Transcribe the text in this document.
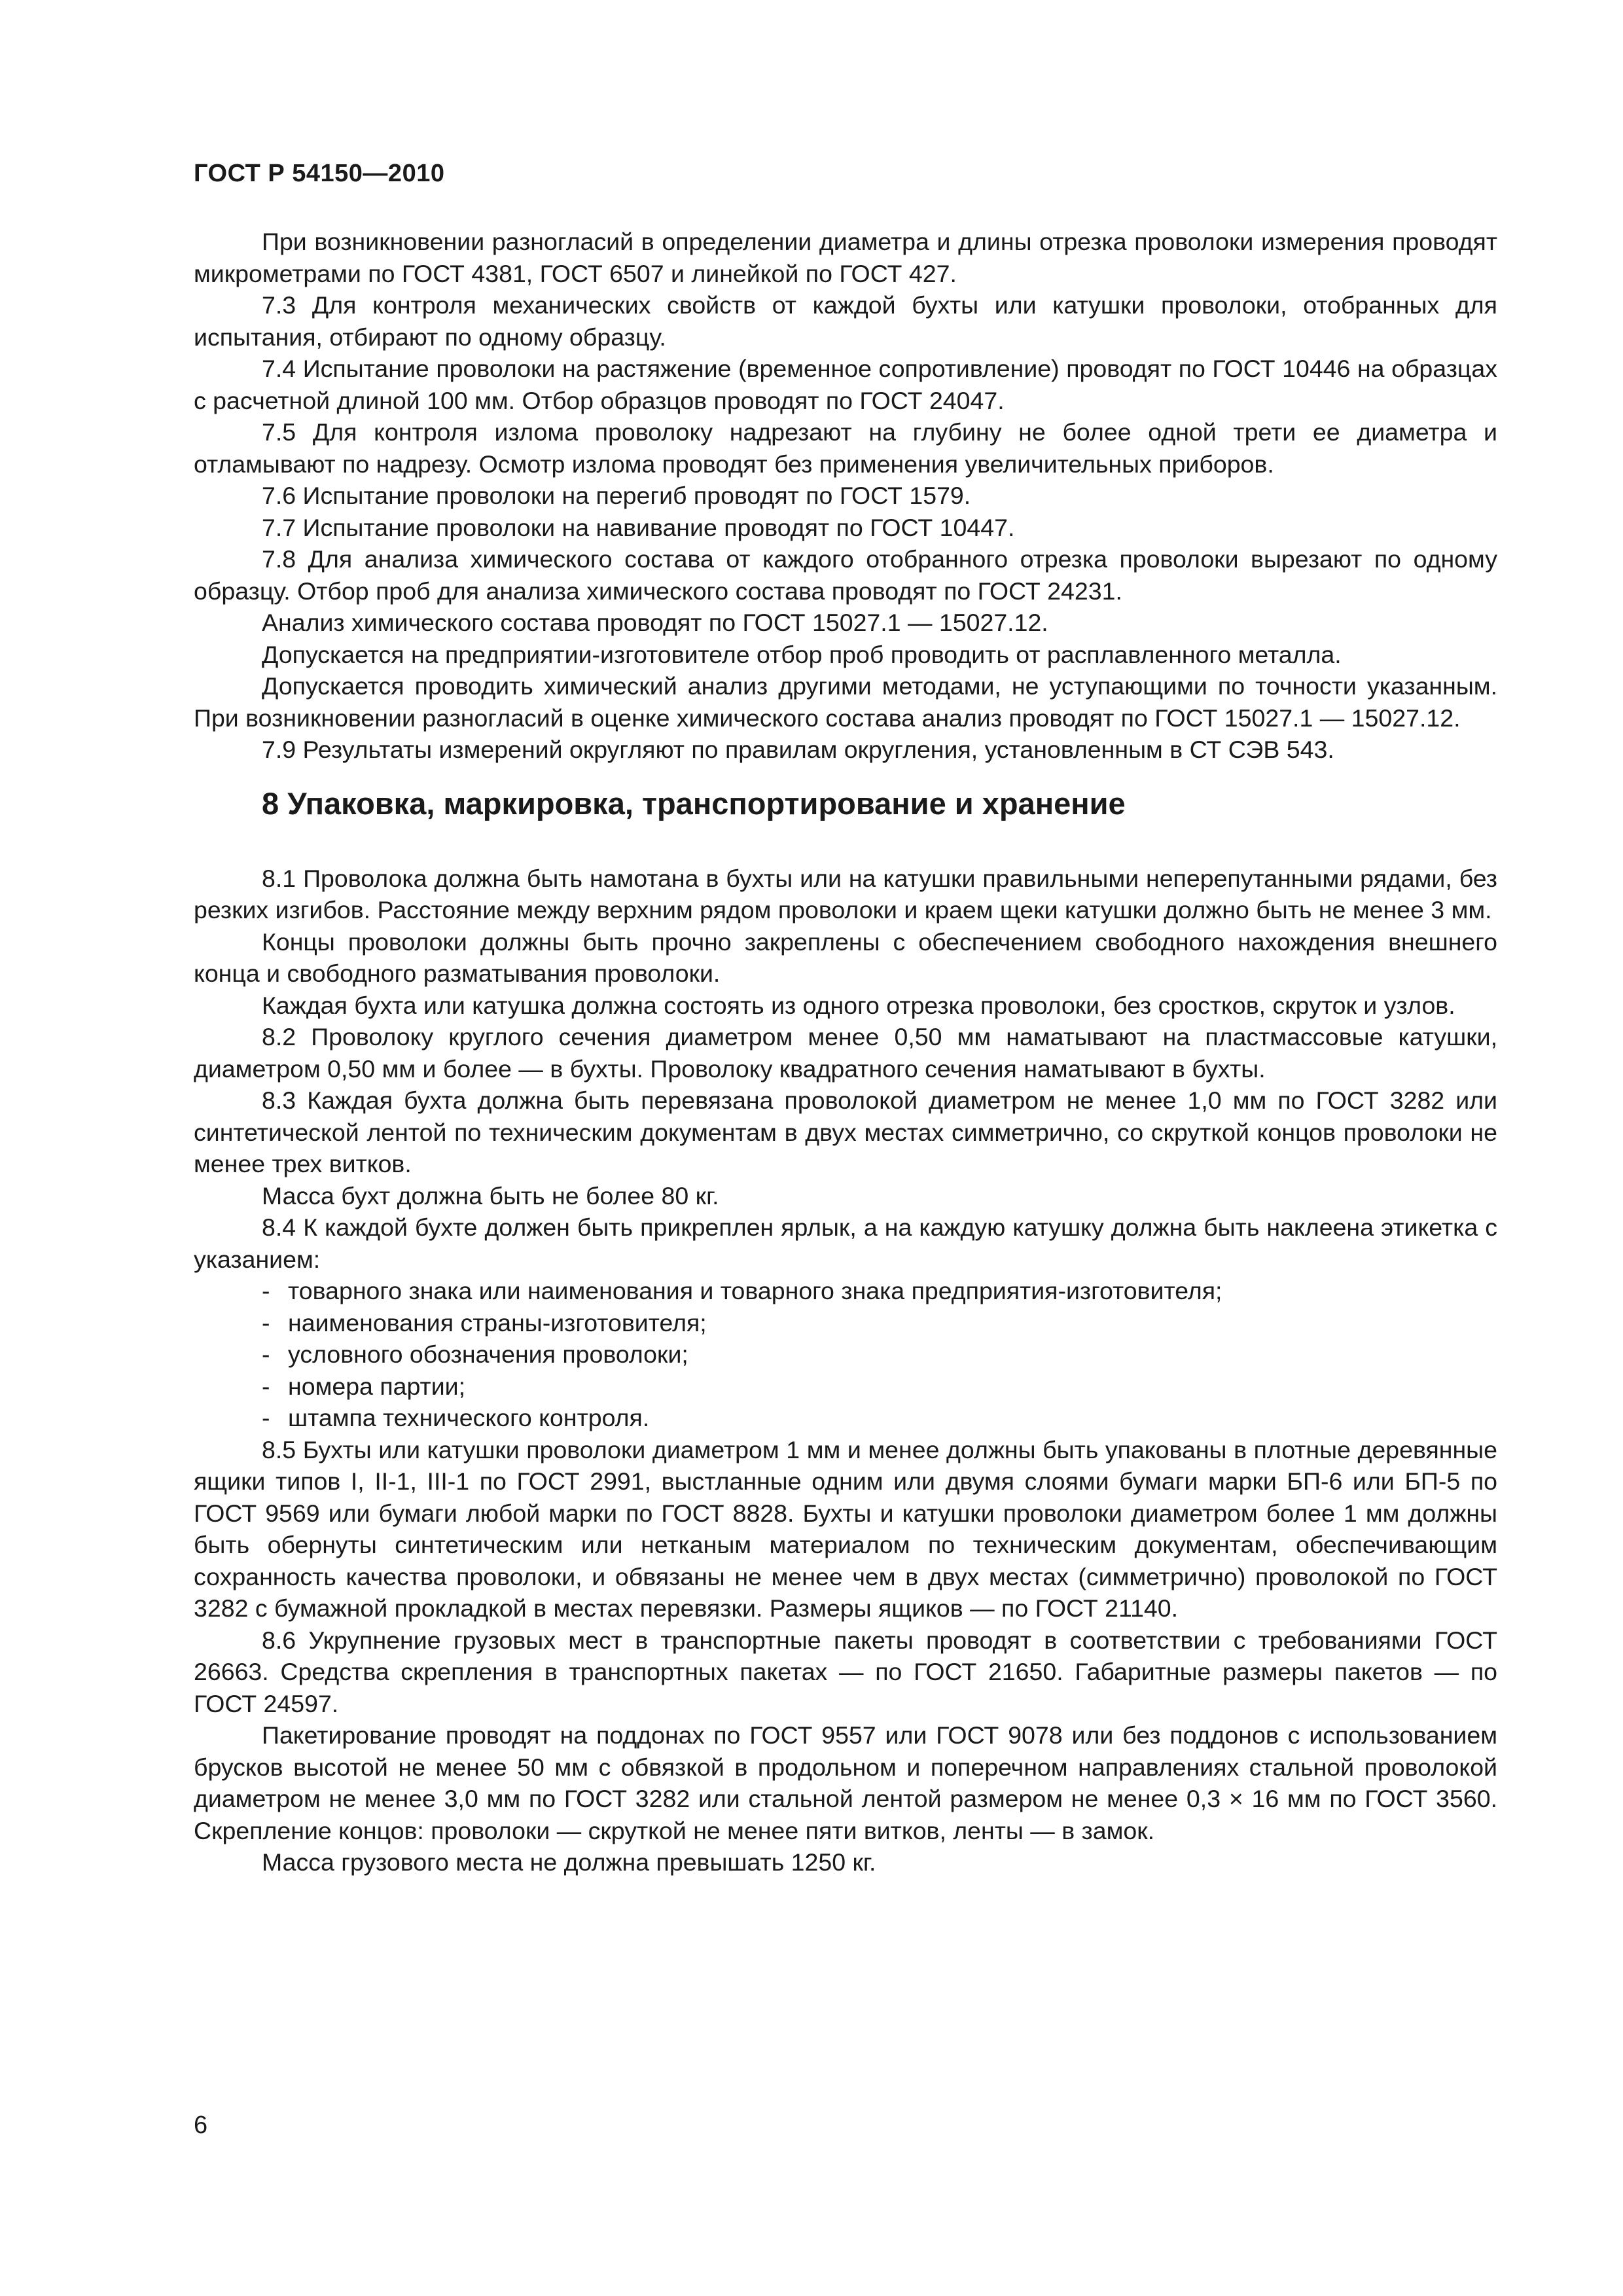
ГОСТ Р 54150—2010

При возникновении разногласий в определении диаметра и длины отрезка проволоки измерения проводят микрометрами по ГОСТ 4381, ГОСТ 6507 и линейкой по ГОСТ 427.

7.3 Для контроля механических свойств от каждой бухты или катушки проволоки, отобранных для испытания, отбирают по одному образцу.

7.4 Испытание проволоки на растяжение (временное сопротивление) проводят по ГОСТ 10446 на образцах с расчетной длиной 100 мм. Отбор образцов проводят по ГОСТ 24047.

7.5 Для контроля излома проволоку надрезают на глубину не более одной трети ее диаметра и отламывают по надрезу. Осмотр излома проводят без применения увеличительных приборов.

7.6 Испытание проволоки на перегиб проводят по ГОСТ 1579.

7.7 Испытание проволоки на навивание проводят по ГОСТ 10447.

7.8 Для анализа химического состава от каждого отобранного отрезка проволоки вырезают по одному образцу. Отбор проб для анализа химического состава проводят по ГОСТ 24231.

Анализ химического состава проводят по ГОСТ 15027.1 — 15027.12.

Допускается на предприятии-изготовителе отбор проб проводить от расплавленного металла.

Допускается проводить химический анализ другими методами, не уступающими по точности указанным. При возникновении разногласий в оценке химического состава анализ проводят по ГОСТ 15027.1 — 15027.12.

7.9 Результаты измерений округляют по правилам округления, установленным в СТ СЭВ 543.

8 Упаковка, маркировка, транспортирование и хранение

8.1 Проволока должна быть намотана в бухты или на катушки правильными неперепутанными рядами, без резких изгибов. Расстояние между верхним рядом проволоки и краем щеки катушки должно быть не менее 3 мм.

Концы проволоки должны быть прочно закреплены с обеспечением свободного нахождения внешнего конца и свободного разматывания проволоки.

Каждая бухта или катушка должна состоять из одного отрезка проволоки, без сростков, скруток и узлов.

8.2 Проволоку круглого сечения диаметром менее 0,50 мм наматывают на пластмассовые катушки, диаметром 0,50 мм и более — в бухты. Проволоку квадратного сечения наматывают в бухты.

8.3 Каждая бухта должна быть перевязана проволокой диаметром не менее 1,0 мм по ГОСТ 3282 или синтетической лентой по техническим документам в двух местах симметрично, со скруткой концов проволоки не менее трех витков.

Масса бухт должна быть не более 80 кг.

8.4 К каждой бухте должен быть прикреплен ярлык, а на каждую катушку должна быть наклеена этикетка с указанием:

- товарного знака или наименования и товарного знака предприятия-изготовителя;
- наименования страны-изготовителя;
- условного обозначения проволоки;
- номера партии;
- штампа технического контроля.

8.5 Бухты или катушки проволоки диаметром 1 мм и менее должны быть упакованы в плотные деревянные ящики типов I, II-1, III-1 по ГОСТ 2991, выстланные одним или двумя слоями бумаги марки БП-6 или БП-5 по ГОСТ 9569 или бумаги любой марки по ГОСТ 8828. Бухты и катушки проволоки диаметром более 1 мм должны быть обернуты синтетическим или нетканым материалом по техническим документам, обеспечивающим сохранность качества проволоки, и обвязаны не менее чем в двух местах (симметрично) проволокой по ГОСТ 3282 с бумажной прокладкой в местах перевязки. Размеры ящиков — по ГОСТ 21140.

8.6 Укрупнение грузовых мест в транспортные пакеты проводят в соответствии с требованиями ГОСТ 26663. Средства скрепления в транспортных пакетах — по ГОСТ 21650. Габаритные размеры пакетов — по ГОСТ 24597.

Пакетирование проводят на поддонах по ГОСТ 9557 или ГОСТ 9078 или без поддонов с использованием брусков высотой не менее 50 мм с обвязкой в продольном и поперечном направлениях стальной проволокой диаметром не менее 3,0 мм по ГОСТ 3282 или стальной лентой размером не менее 0,3 × 16 мм по ГОСТ 3560. Скрепление концов: проволоки — скруткой не менее пяти витков, ленты — в замок.

Масса грузового места не должна превышать 1250 кг.

6
